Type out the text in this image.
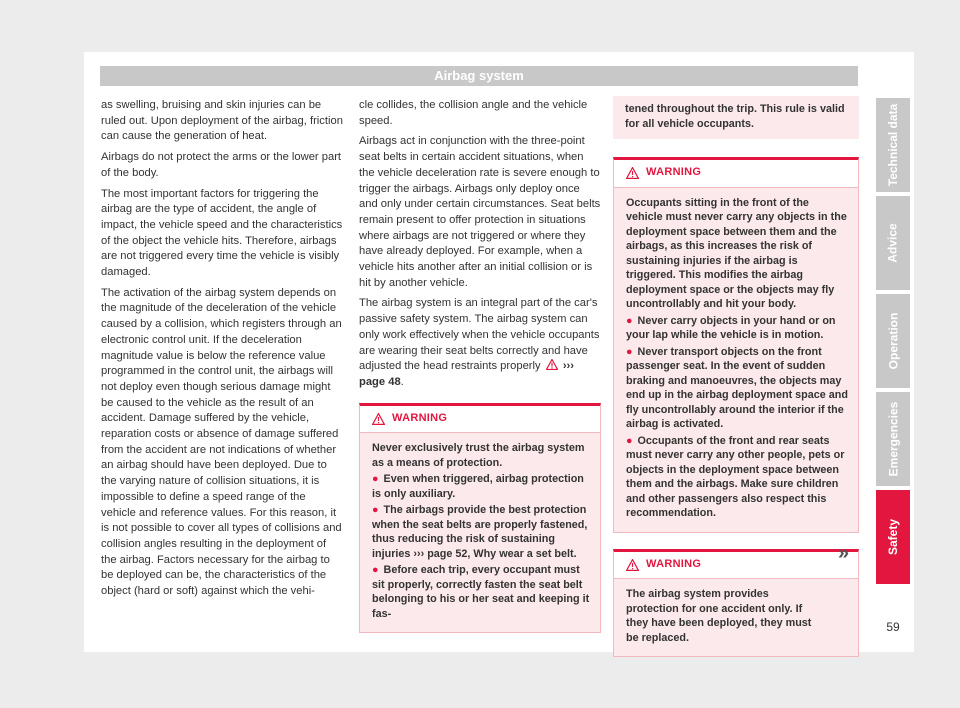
Airbag system

as swelling, bruising and skin injuries can be ruled out. Upon deployment of the airbag, friction can cause the generation of heat.

Airbags do not protect the arms or the lower part of the body.

The most important factors for triggering the airbag are the type of accident, the angle of impact, the vehicle speed and the characteristics of the object the vehicle hits. Therefore, airbags are not triggered every time the vehicle is visibly damaged.

The activation of the airbag system depends on the magnitude of the deceleration of the vehicle caused by a collision, which registers through an electronic control unit. If the deceleration magnitude value is below the reference value programmed in the control unit, the airbags will not deploy even though serious damage might be caused to the vehicle as the result of an accident. Damage suffered by the vehicle, reparation costs or absence of damage suffered from the accident are not indications of whether an airbag should have been deployed. Due to the varying nature of collision situations, it is impossible to define a speed range of the vehicle and reference values. For this reason, it is not possible to cover all types of collisions and collision angles resulting in the deployment of the airbag. Factors necessary for the airbag to be deployed can be, the characteristics of the object (hard or soft) against which the vehi-

cle collides, the collision angle and the vehicle speed.

Airbags act in conjunction with the three-point seat belts in certain accident situations, when the vehicle deceleration rate is severe enough to trigger the airbags. Airbags only deploy once and only under certain circumstances. Seat belts remain present to offer protection in situations where airbags are not triggered or where they have already deployed. For example, when a vehicle hits another after an initial collision or is hit by another vehicle.

The airbag system is an integral part of the car's passive safety system. The airbag system can only work effectively when the vehicle occupants are wearing their seat belts correctly and have adjusted the head restraints properly ››› page 48.

WARNING

Never exclusively trust the airbag system as a means of protection.

● Even when triggered, airbag protection is only auxiliary.

● The airbags provide the best protection when the seat belts are properly fastened, thus reducing the risk of sustaining injuries ››› page 52, Why wear a set belt.

● Before each trip, every occupant must sit properly, correctly fasten the seat belt belonging to his or her seat and keeping it fas-

tened throughout the trip. This rule is valid for all vehicle occupants.
WARNING

Occupants sitting in the front of the vehicle must never carry any objects in the deployment space between them and the airbags, as this increases the risk of sustaining injuries if the airbag is triggered. This modifies the airbag deployment space or the objects may fly uncontrollably and hit your body.

● Never carry objects in your hand or on your lap while the vehicle is in motion.

● Never transport objects on the front passenger seat. In the event of sudden braking and manoeuvres, the objects may end up in the airbag deployment space and fly uncontrollably around the interior if the airbag is activated.

● Occupants of the front and rear seats must never carry any other people, pets or objects in the deployment space between them and the airbags. Make sure children and other passengers also respect this recommendation.

WARNING

The airbag system provides protection for one accident only. If they have been deployed, they must be replaced.

»
Technical data
Advice
Operation
Emergencies
Safety
59
